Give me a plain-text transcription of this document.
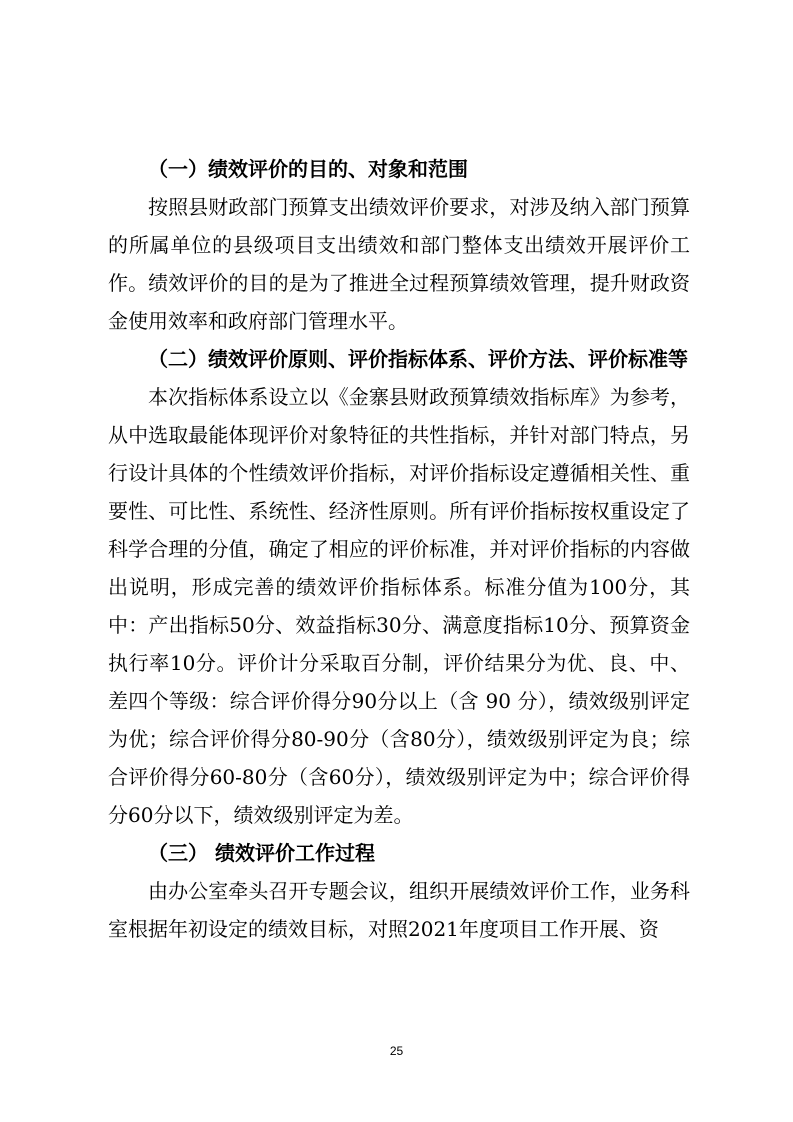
（一）绩效评价的目的、对象和范围

按照县财政部门预算支出绩效评价要求，对涉及纳入部门预算的所属单位的县级项目支出绩效和部门整体支出绩效开展评价工作。绩效评价的目的是为了推进全过程预算绩效管理，提升财政资金使用效率和政府部门管理水平。

（二）绩效评价原则、评价指标体系、评价方法、评价标准等

本次指标体系设立以《金寨县财政预算绩效指标库》为参考，从中选取最能体现评价对象特征的共性指标，并针对部门特点，另行设计具体的个性绩效评价指标，对评价指标设定遵循相关性、重要性、可比性、系统性、经济性原则。所有评价指标按权重设定了科学合理的分值，确定了相应的评价标准，并对评价指标的内容做出说明，形成完善的绩效评价指标体系。标准分值为100分，其中：产出指标50分、效益指标30分、满意度指标10分、预算资金执行率10分。评价计分采取百分制，评价结果分为优、良、中、差四个等级：综合评价得分90分以上（含 90 分），绩效级别评定为优；综合评价得分80-90分（含80分），绩效级别评定为良；综合评价得分60-80分（含60分），绩效级别评定为中；综合评价得分60分以下，绩效级别评定为差。

（三） 绩效评价工作过程

由办公室牵头召开专题会议，组织开展绩效评价工作，业务科室根据年初设定的绩效目标，对照2021年度项目工作开展、资

25
